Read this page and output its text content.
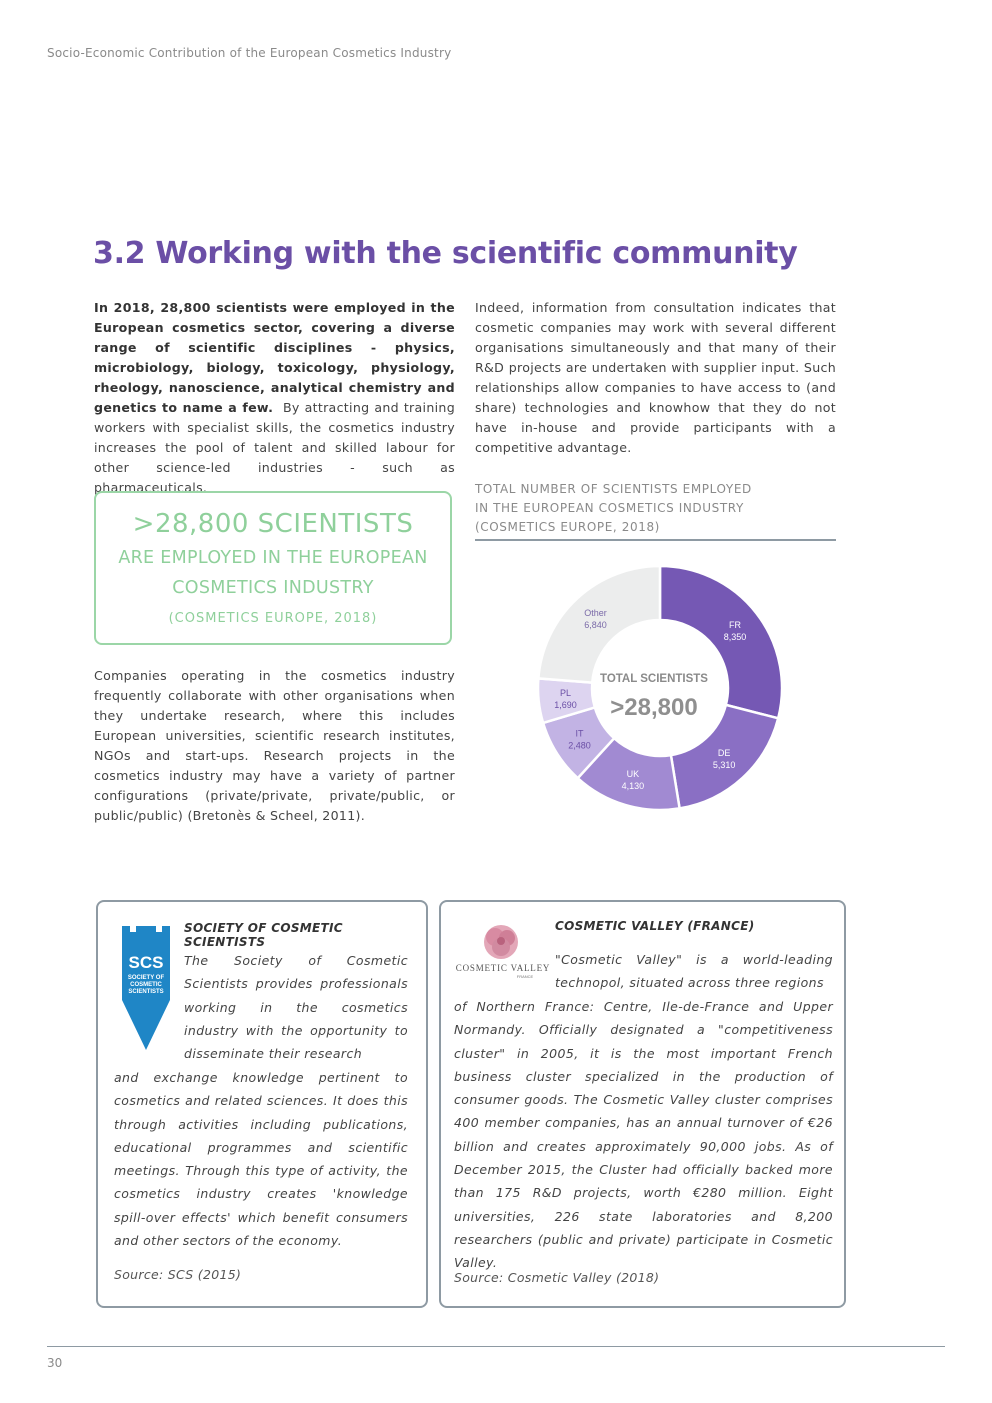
Socio-Economic Contribution of the European Cosmetics Industry
3.2 Working with the scientific community

In 2018, 28,800 scientists were employed in the European cosmetics sector, covering a diverse range of scientific disciplines - physics, microbiology, biology, toxicology, physiology, rheology, nanoscience, analytical chemistry and genetics to name a few. By attracting and training workers with specialist skills, the cosmetics industry increases the pool of talent and skilled labour for other science-led industries - such as pharmaceuticals.

Indeed, information from consultation indicates that cosmetic companies may work with several different organisations simultaneously and that many of their R&D projects are undertaken with supplier input. Such relationships allow companies to have access to (and share) technologies and knowhow that they do not have in-house and provide participants with a competitive advantage.

>28,800 SCIENTISTS
ARE EMPLOYED IN THE EUROPEAN
COSMETICS INDUSTRY
(COSMETICS EUROPE, 2018)
TOTAL NUMBER OF SCIENTISTS EMPLOYED
IN THE EUROPEAN COSMETICS INDUSTRY
(COSMETICS EUROPE, 2018)
FR
8,350
DE
5,310
UK
4,130
IT
2,480
PL
1,690
Other
6,840
TOTAL SCIENTISTS
>28,800

Companies operating in the cosmetics industry frequently collaborate with other organisations when they undertake research, where this includes European universities, scientific research institutes, NGOs and start-ups. Research projects in the cosmetics industry may have a variety of partner configurations (private/private, private/public, or public/public) (Bretonès & Scheel, 2011).

SCS
SOCIETY OF
COSMETIC
SCIENTISTS
SOCIETY OF COSMETIC SCIENTISTS
The Society of Cosmetic Scientists provides professionals working in the cosmetics industry with the opportunity to disseminate their research
and exchange knowledge pertinent to cosmetics and related sciences. It does this through activities including publications, educational programmes and scientific meetings. Through this type of activity, the cosmetics industry creates 'knowledge spill-over effects' which benefit consumers and other sectors of the economy.
Source: SCS (2015)
COSMETIC VALLEY
FRANCE
COSMETIC VALLEY (FRANCE)
"Cosmetic Valley" is a world-leading technopol, situated across three regions
of Northern France: Centre, Ile-de-France and Upper Normandy. Officially designated a "competitiveness cluster" in 2005, it is the most important French business cluster specialized in the production of consumer goods. The Cosmetic Valley cluster comprises 400 member companies, has an annual turnover of €26 billion and creates approximately 90,000 jobs. As of December 2015, the Cluster had officially backed more than 175 R&D projects, worth €280 million. Eight universities, 226 state laboratories and 8,200 researchers (public and private) participate in Cosmetic Valley.
Source: Cosmetic Valley (2018)
30
